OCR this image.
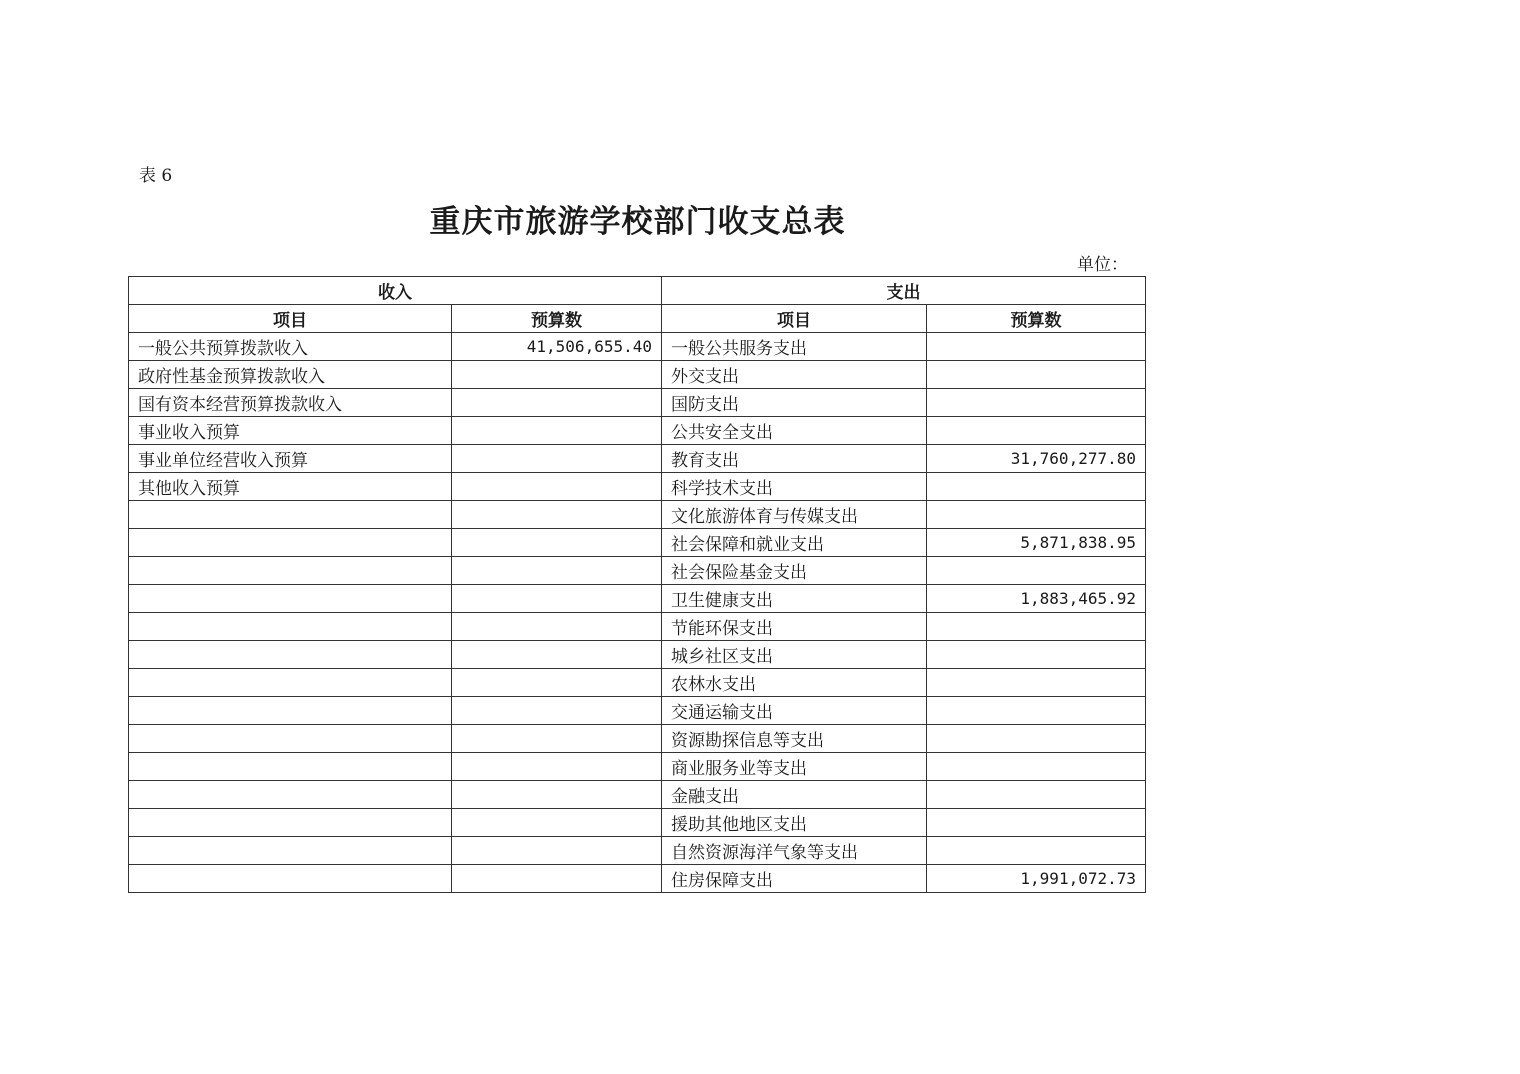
表 6
重庆市旅游学校部门收支总表
单位：
收入		支出	
项目	预算数	项目	预算数
一般公共预算拨款收入	41,506,655.40	一般公共服务支出	
政府性基金预算拨款收入		外交支出	
国有资本经营预算拨款收入		国防支出	
事业收入预算		公共安全支出	
事业单位经营收入预算		教育支出	31,760,277.80
其他收入预算		科学技术支出	
		文化旅游体育与传媒支出	
		社会保障和就业支出	5,871,838.95
		社会保险基金支出	
		卫生健康支出	1,883,465.92
		节能环保支出	
		城乡社区支出	
		农林水支出	
		交通运输支出	
		资源勘探信息等支出	
		商业服务业等支出	
		金融支出	
		援助其他地区支出	
		自然资源海洋气象等支出	
		住房保障支出	1,991,072.73
